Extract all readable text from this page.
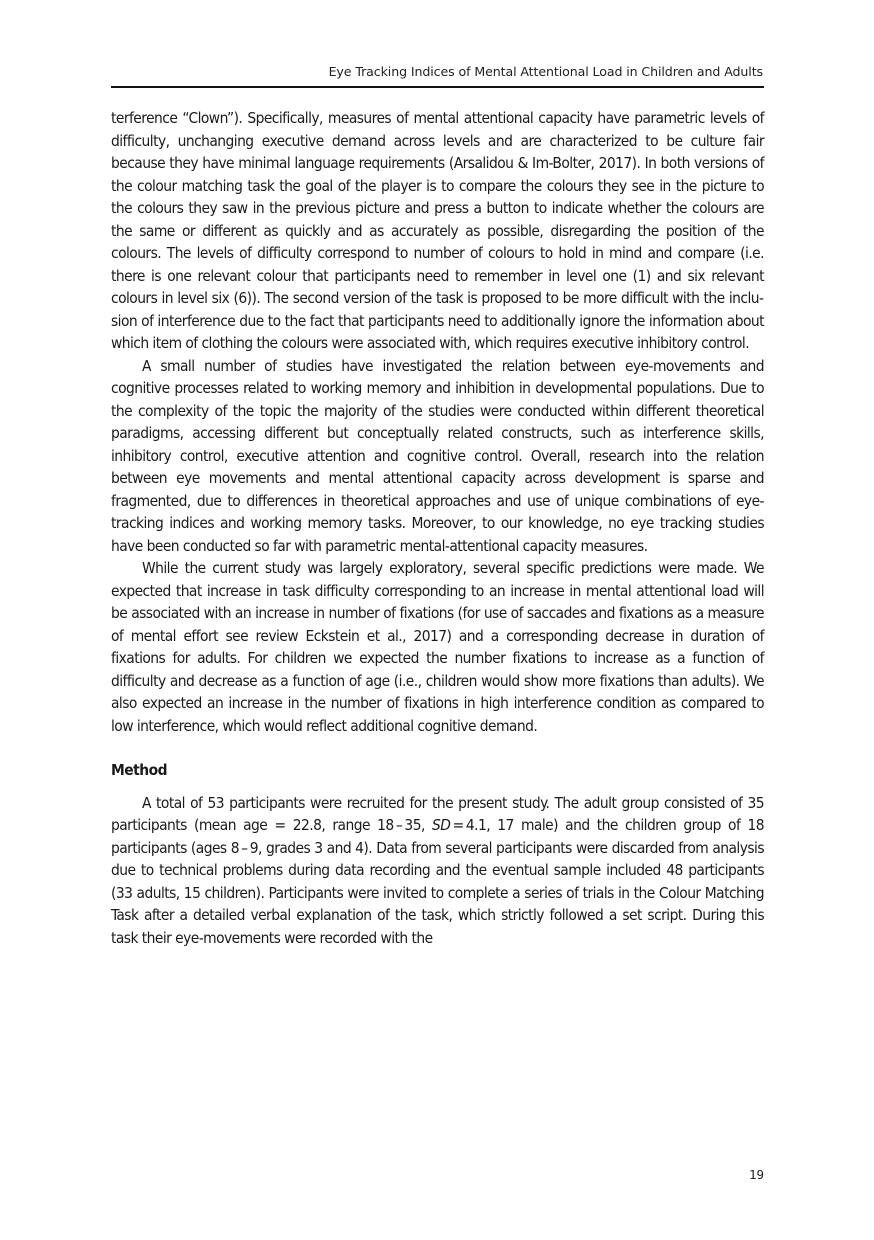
Eye Tracking Indices of Mental Attentional Load in Children and Adults

terference “Clown”). Specifically, measures of mental attentional capacity have parametric levels of difficulty, unchanging executive demand across levels and are characterized to be culture fair because they have minimal language requirements (Arsalidou & Im-Bolter, 2017). In both versions of the colour matching task the goal of the player is to compare the colours they see in the picture to the colours they saw in the previous picture and press a button to indicate whether the colours are the same or different as quickly and as accurately as possible, disregarding the position of the colours. The levels of difficulty correspond to number of colours to hold in mind and compare (i.e. there is one relevant colour that participants need to remember in level one (1) and six relevant colours in level six (6)). The second version of the task is proposed to be more difficult with the inclusion of interference due to the fact that participants need to additionally ignore the information about which item of clothing the colours were associated with, which requires executive inhibitory control.

A small number of studies have investigated the relation between eye-movements and cognitive processes related to working memory and inhibition in developmental populations. Due to the complexity of the topic the majority of the studies were conducted within different theoretical paradigms, accessing different but conceptually related constructs, such as interference skills, inhibitory control, executive attention and cognitive control. Overall, research into the relation between eye movements and mental attentional capacity across development is sparse and fragmented, due to differences in theoretical approaches and use of unique combinations of eye-tracking indices and working memory tasks. Moreover, to our knowledge, no eye tracking studies have been conducted so far with parametric mental-attentional capacity measures.

While the current study was largely exploratory, several specific predictions were made. We expected that increase in task difficulty corresponding to an increase in mental attentional load will be associated with an increase in number of fixations (for use of saccades and fixations as a measure of mental effort see review Eckstein et al., 2017) and a corresponding decrease in duration of fixations for adults. For children we expected the number fixations to increase as a function of difficulty and decrease as a function of age (i.e., children would show more fixations than adults). We also expected an increase in the number of fixations in high interference condition as compared to low interference, which would reflect additional cognitive demand.

Method

A total of 53 participants were recruited for the present study. The adult group consisted of 35 participants (mean age = 22.8, range 18 – 35, SD = 4.1, 17 male) and the children group of 18 participants (ages 8 – 9, grades 3 and 4). Data from several participants were discarded from analysis due to technical problems during data recording and the eventual sample included 48 participants (33 adults, 15 children). Participants were invited to complete a series of trials in the Colour Matching Task after a detailed verbal explanation of the task, which strictly followed a set script. During this task their eye-movements were recorded with the

19
